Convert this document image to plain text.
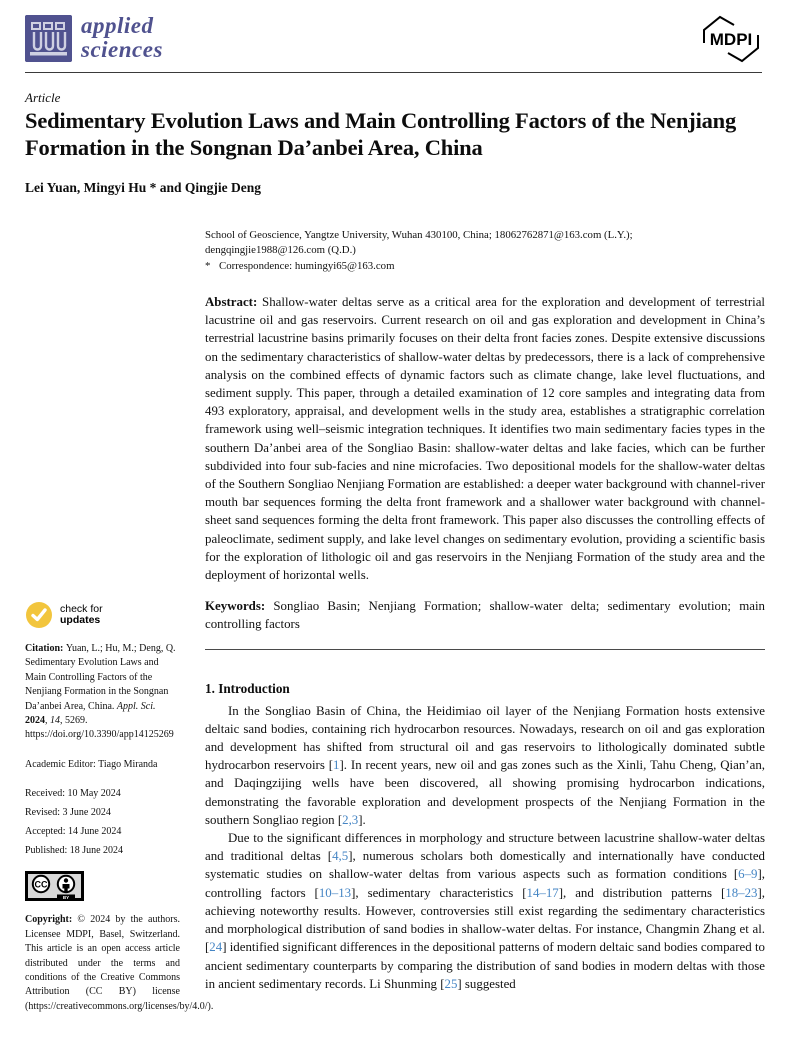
applied
sciences	MDPI
Article
Sedimentary Evolution Laws and Main Controlling Factors of the Nenjiang Formation in the Songnan Da’anbei Area, China
Lei Yuan, Mingyi Hu * and Qingjie Deng
School of Geoscience, Yangtze University, Wuhan 430100, China; 18062762871@163.com (L.Y.);
dengqingjie1988@126.com (Q.D.)
* Correspondence: humingyi65@163.com
Abstract: Shallow-water deltas serve as a critical area for the exploration and development of terrestrial lacustrine oil and gas reservoirs. Current research on oil and gas exploration and development in China’s terrestrial lacustrine basins primarily focuses on their delta front facies zones. Despite extensive discussions on the sedimentary characteristics of shallow-water deltas by predecessors, there is a lack of comprehensive analysis on the combined effects of dynamic factors such as climate change, lake level fluctuations, and sediment supply. This paper, through a detailed examination of 12 core samples and integrating data from 493 exploratory, appraisal, and development wells in the study area, establishes a stratigraphic correlation framework using well–seismic integration techniques. It identifies two main sedimentary facies types in the southern Da’anbei area of the Songliao Basin: shallow-water deltas and lake facies, which can be further subdivided into four sub-facies and nine microfacies. Two depositional models for the shallow-water deltas of the Southern Songliao Nenjiang Formation are established: a deeper water background with channel-river mouth bar sequences forming the delta front framework and a shallower water background with channel-sheet sand sequences forming the delta front framework. This paper also discusses the controlling effects of paleoclimate, sediment supply, and lake level changes on sedimentary evolution, providing a scientific basis for the exploration of lithologic oil and gas reservoirs in the Nenjiang Formation of the study area and the deployment of horizontal wells.
Keywords: Songliao Basin; Nenjiang Formation; shallow-water delta; sedimentary evolution; main controlling factors
1. Introduction

In the Songliao Basin of China, the Heidimiao oil layer of the Nenjiang Formation hosts extensive deltaic sand bodies, containing rich hydrocarbon resources. Nowadays, research on oil and gas exploration and development has shifted from structural oil and gas reservoirs to lithologically dominated subtle hydrocarbon reservoirs [1]. In recent years, new oil and gas zones such as the Xinli, Tahu Cheng, Qian’an, and Daqingzijing wells have been discovered, all showing promising hydrocarbon indications, demonstrating the favorable exploration and development prospects of the Nenjiang Formation in the southern Songliao region [2,3].

Due to the significant differences in morphology and structure between lacustrine shallow-water deltas and traditional deltas [4,5], numerous scholars both domestically and internationally have conducted systematic studies on shallow-water deltas from various aspects such as formation conditions [6–9], controlling factors [10–13], sedimentary characteristics [14–17], and distribution patterns [18–23], achieving noteworthy results. However, controversies still exist regarding the sedimentary characteristics and morphological distribution of sand bodies in shallow-water deltas. For instance, Changmin Zhang et al. [24] identified significant differences in the depositional patterns of modern deltaic sand bodies compared to ancient sedimentary counterparts by comparing the distribution of sand bodies in modern deltas with those in ancient sedimentary records. Li Shunming [25] suggested

check for
updates
Citation: Yuan, L.; Hu, M.; Deng, Q. Sedimentary Evolution Laws and Main Controlling Factors of the Nenjiang Formation in the Songnan Da’anbei Area, China. Appl. Sci. 2024, 14, 5269. https://doi.org/10.3390/app14125269
Academic Editor: Tiago Miranda
Received: 10 May 2024
Revised: 3 June 2024
Accepted: 14 June 2024
Published: 18 June 2024
CC
BY
Copyright: © 2024 by the authors. Licensee MDPI, Basel, Switzerland. This article is an open access article distributed under the terms and conditions of the Creative Commons Attribution (CC BY) license (https://creativecommons.org/licenses/by/4.0/).
